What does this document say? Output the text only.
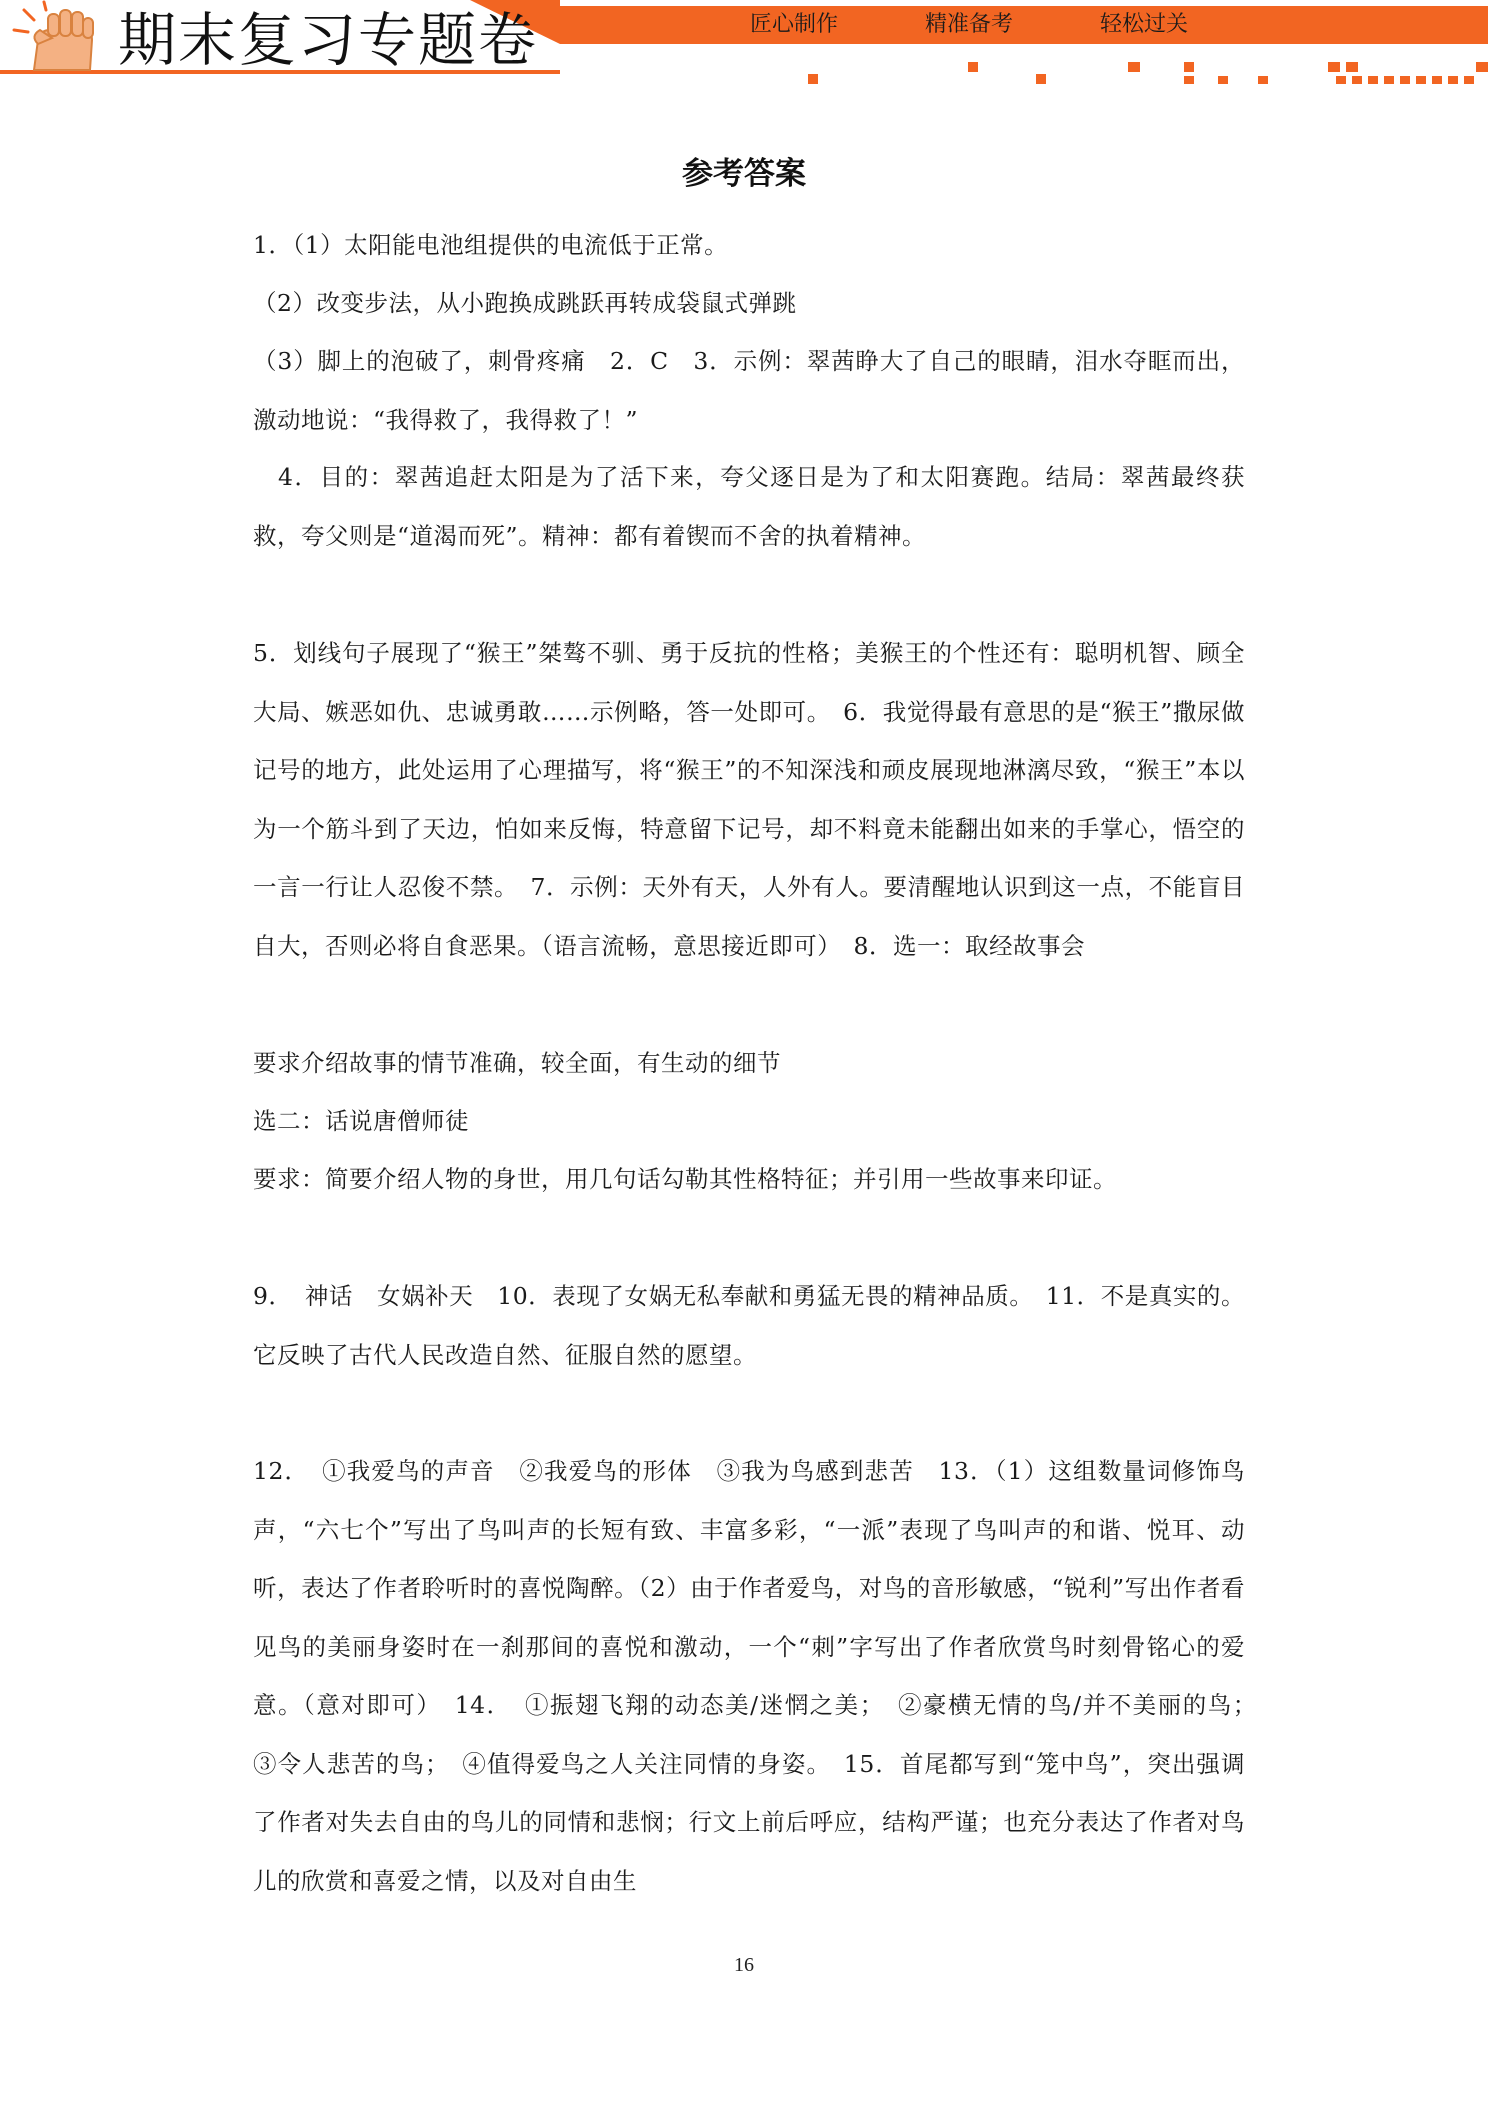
期末复习专题卷	匠心制作   精准备考   轻松过关
参考答案
1．（1）太阳能电池组提供的电流低于正常。
（2）改变步法，从小跑换成跳跃再转成袋鼠式弹跳
（3）脚上的泡破了，刺骨疼痛　2．C　3．示例：翠茜睁大了自己的眼睛，泪水夺眶而出，激动地说：“我得救了，我得救了！”
　4．目的：翠茜追赶太阳是为了活下来，夸父逐日是为了和太阳赛跑。结局：翠茜最终获救，夸父则是“道渴而死”。精神：都有着锲而不舍的执着精神。
5．划线句子展现了“猴王”桀骜不驯、勇于反抗的性格；美猴王的个性还有：聪明机智、顾全大局、嫉恶如仇、忠诚勇敢……示例略，答一处即可。　6．我觉得最有意思的是“猴王”撒尿做记号的地方，此处运用了心理描写，将“猴王”的不知深浅和顽皮展现地淋漓尽致，“猴王”本以为一个筋斗到了天边，怕如来反悔，特意留下记号，却不料竟未能翻出如来的手掌心，悟空的一言一行让人忍俊不禁。　7．示例：天外有天，人外有人。要清醒地认识到这一点，不能盲目自大，否则必将自食恶果。（语言流畅，意思接近即可）　8．选一：取经故事会
要求介绍故事的情节准确，较全面，有生动的细节
选二：话说唐僧师徒
要求：简要介绍人物的身世，用几句话勾勒其性格特征；并引用一些故事来印证。
9．　神话　女娲补天　10．表现了女娲无私奉献和勇猛无畏的精神品质。　11．不是真实的。它反映了古代人民改造自然、征服自然的愿望。
12．　①我爱鸟的声音　②我爱鸟的形体　③我为鸟感到悲苦　13．（1）这组数量词修饰鸟声，“六七个”写出了鸟叫声的长短有致、丰富多彩，“一派”表现了鸟叫声的和谐、悦耳、动听，表达了作者聆听时的喜悦陶醉。（2）由于作者爱鸟，对鸟的音形敏感，“锐利”写出作者看见鸟的美丽身姿时在一刹那间的喜悦和激动，一个“刺”字写出了作者欣赏鸟时刻骨铭心的爱意。（意对即可）　14．　①振翅飞翔的动态美/迷惘之美；　②豪横无情的鸟/并不美丽的鸟；　③令人悲苦的鸟；　④值得爱鸟之人关注同情的身姿。　15．首尾都写到“笼中鸟”，突出强调了作者对失去自由的鸟儿的同情和悲悯；行文上前后呼应，结构严谨；也充分表达了作者对鸟儿的欣赏和喜爱之情，以及对自由生
16
